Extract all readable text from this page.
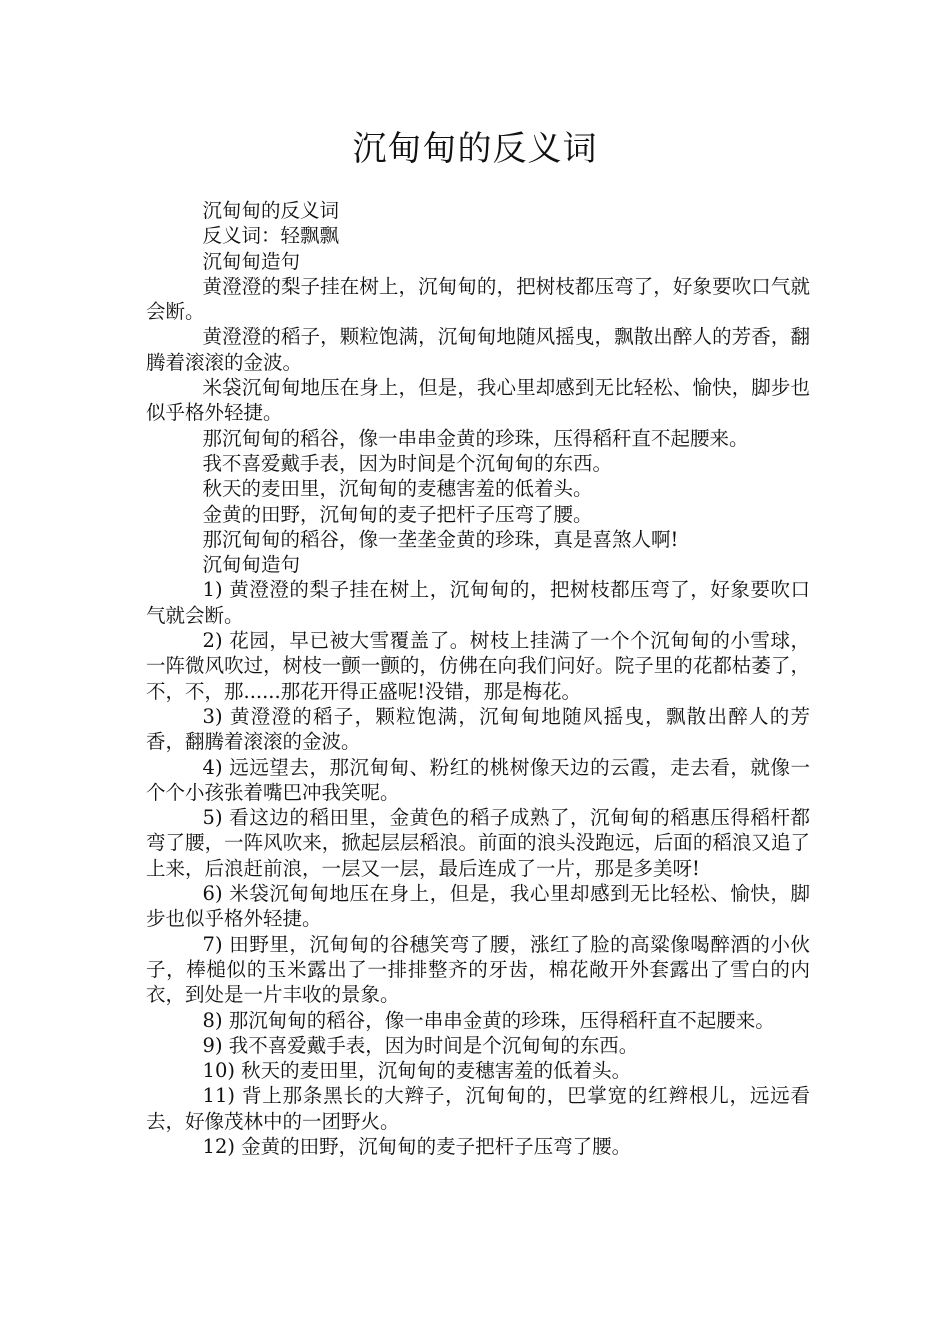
沉甸甸的反义词

沉甸甸的反义词

反义词：轻飘飘

沉甸甸造句

黄澄澄的梨子挂在树上，沉甸甸的，把树枝都压弯了，好象要吹口气就会断。

黄澄澄的稻子，颗粒饱满，沉甸甸地随风摇曳，飘散出醉人的芳香，翻腾着滚滚的金波。

米袋沉甸甸地压在身上，但是，我心里却感到无比轻松、愉快，脚步也似乎格外轻捷。

那沉甸甸的稻谷，像一串串金黄的珍珠，压得稻秆直不起腰来。

我不喜爱戴手表，因为时间是个沉甸甸的东西。

秋天的麦田里，沉甸甸的麦穗害羞的低着头。

金黄的田野，沉甸甸的麦子把杆子压弯了腰。

那沉甸甸的稻谷，像一垄垄金黄的珍珠，真是喜煞人啊!

沉甸甸造句

1) 黄澄澄的梨子挂在树上，沉甸甸的，把树枝都压弯了，好象要吹口气就会断。

2) 花园，早已被大雪覆盖了。树枝上挂满了一个个沉甸甸的小雪球，一阵微风吹过，树枝一颤一颤的，仿佛在向我们问好。院子里的花都枯萎了，不，不，那......那花开得正盛呢!没错，那是梅花。

3) 黄澄澄的稻子，颗粒饱满，沉甸甸地随风摇曳，飘散出醉人的芳香，翻腾着滚滚的金波。

4) 远远望去，那沉甸甸、粉红的桃树像天边的云霞，走去看，就像一个个小孩张着嘴巴冲我笑呢。

5) 看这边的稻田里，金黄色的稻子成熟了，沉甸甸的稻惠压得稻杆都弯了腰，一阵风吹来，掀起层层稻浪。前面的浪头没跑远，后面的稻浪又追了上来，后浪赶前浪，一层又一层，最后连成了一片，那是多美呀!

6) 米袋沉甸甸地压在身上，但是，我心里却感到无比轻松、愉快，脚步也似乎格外轻捷。

7) 田野里，沉甸甸的谷穗笑弯了腰，涨红了脸的高粱像喝醉酒的小伙子，棒槌似的玉米露出了一排排整齐的牙齿，棉花敞开外套露出了雪白的内衣，到处是一片丰收的景象。

8) 那沉甸甸的稻谷，像一串串金黄的珍珠，压得稻秆直不起腰来。

9) 我不喜爱戴手表，因为时间是个沉甸甸的东西。

10) 秋天的麦田里，沉甸甸的麦穗害羞的低着头。

11) 背上那条黑长的大辫子，沉甸甸的，巴掌宽的红辫根儿，远远看去，好像茂林中的一团野火。

12) 金黄的田野，沉甸甸的麦子把杆子压弯了腰。
